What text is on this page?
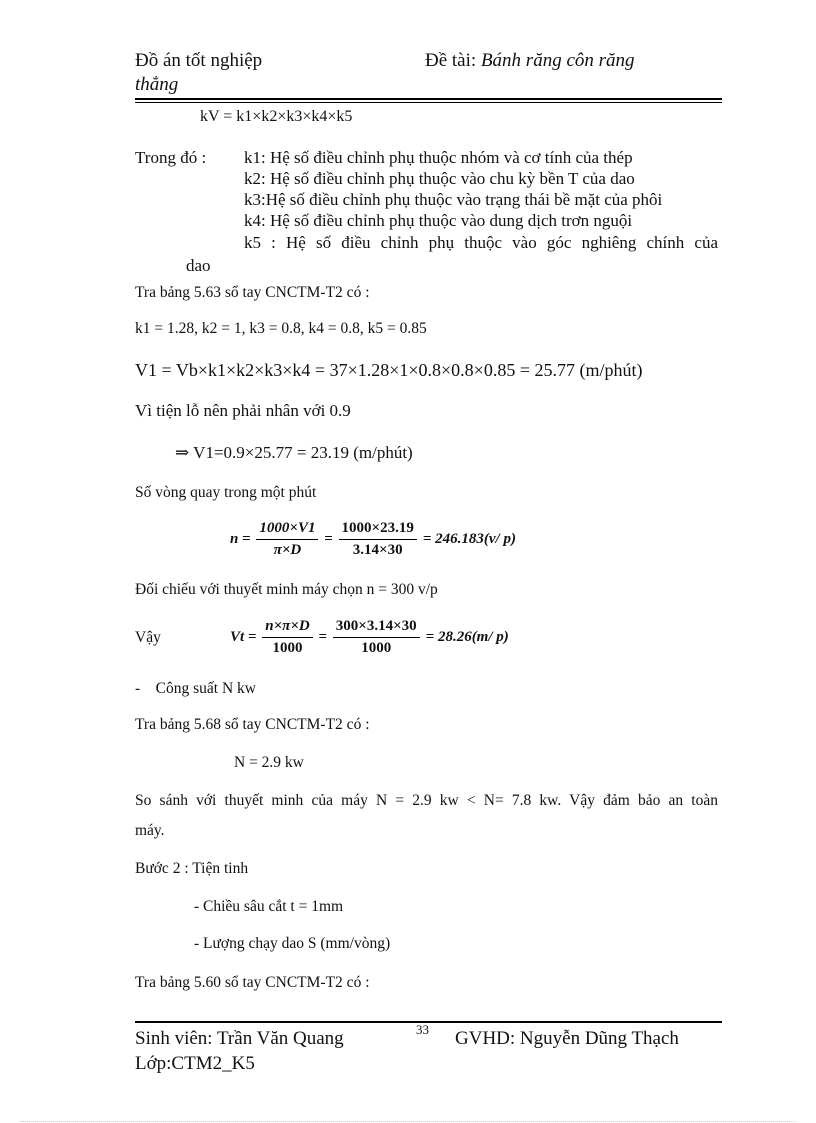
Đồ án tốt nghiệp
thẳng
Đề tài: Bánh răng côn răng
kV = k1×k2×k3×k4×k5
Trong đó : k1: Hệ số điều chỉnh phụ thuộc nhóm và cơ tính của thép
k2: Hệ số điều chỉnh phụ thuộc vào chu kỳ bền T của dao
k3:Hệ số điều chỉnh phụ thuộc vào trạng thái bề mặt của phôi
k4: Hệ số điều chỉnh phụ thuộc vào dung dịch trơn nguội
k5 : Hệ số điều chỉnh phụ thuộc vào góc nghiêng chính của
dao
Tra bảng 5.63 sổ tay CNCTM-T2 có :
k1 = 1.28, k2 = 1, k3 = 0.8, k4 = 0.8, k5 = 0.85
V1 = Vb×k1×k2×k3×k4 = 37×1.28×1×0.8×0.8×0.85 = 25.77 (m/phút)
Vì tiện lỗ nên phải nhân với 0.9
⇒ V1=0.9×25.77 = 23.19 (m/phút)
Số vòng quay trong một phút
$n = \frac{1000\times V1}{\pi\times D} = \frac{1000\times 23.19}{3.14\times 30} = 246.183(v/$ p)
Đối chiếu với thuyết minh máy chọn n = 300 v/p
Vậy	$Vt = \frac{n\times\pi\times D}{1000} = \frac{300\times 3.14\times 30}{1000} = 28.26(m/$ p)
-    Công suất N kw
Tra bảng 5.68 sổ tay CNCTM-T2 có :
N = 2.9 kw
So sánh với thuyết minh của máy N = 2.9 kw < N= 7.8 kw. Vậy đảm bảo an toàn
máy.
Bước 2 : Tiện tinh
- Chiều sâu cắt t = 1mm
- Lượng chạy dao S (mm/vòng)
Tra bảng 5.60 sổ tay CNCTM-T2 có :
Sinh viên: Trần Văn Quang	33 GVHD: Nguyễn Dũng Thạch
Lớp:CTM2_K5
